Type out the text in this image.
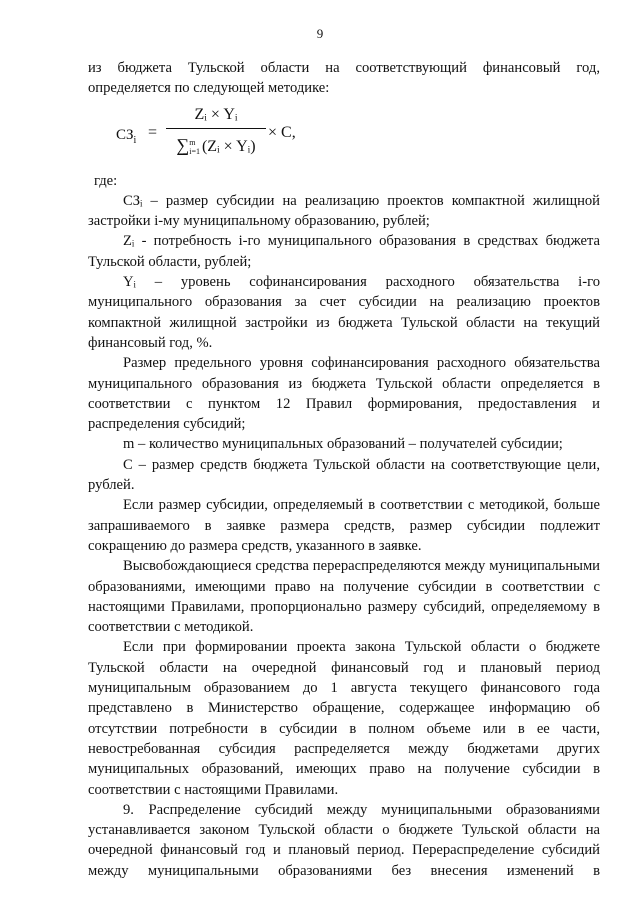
9

из бюджета Тульской области на соответствующий финансовый год,

определяется по следующей методике:

$СЗ_i$ =
Zᵢ × Yᵢ
∑m
i=1 (Zᵢ × Yᵢ)
× С,

где:

СЗᵢ – размер субсидии на реализацию проектов компактной жилищной застройки i-му муниципальному образованию, рублей;

Zᵢ - потребность i-го муниципального образования в средствах бюджета Тульской области, рублей;

Yᵢ – уровень софинансирования расходного обязательства i-го муниципального образования за счет субсидии на реализацию проектов компактной жилищной застройки из бюджета Тульской области на текущий финансовый год, %.

Размер предельного уровня софинансирования расходного обязательства муниципального образования из бюджета Тульской области определяется в соответствии с пунктом 12 Правил формирования, предоставления и распределения субсидий;

m – количество муниципальных образований – получателей субсидии;

С – размер средств бюджета Тульской области на соответствующие цели, рублей.

Если размер субсидии, определяемый в соответствии с методикой, больше запрашиваемого в заявке размера средств, размер субсидии подлежит сокращению до размера средств, указанного в заявке.

Высвобождающиеся средства перераспределяются между муниципальными образованиями, имеющими право на получение субсидии в соответствии с настоящими Правилами, пропорционально размеру субсидий, определяемому в соответствии с методикой.

Если при формировании проекта закона Тульской области о бюджете Тульской области на очередной финансовый год и плановый период муниципальным образованием до 1 августа текущего финансового года представлено в Министерство обращение, содержащее информацию об отсутствии потребности в субсидии в полном объеме или в ее части, невостребованная субсидия распределяется между бюджетами других муниципальных образований, имеющих право на получение субсидии в соответствии с настоящими Правилами.

9. Распределение субсидий между муниципальными образованиями устанавливается законом Тульской области о бюджете Тульской области на очередной финансовый год и плановый период. Перераспределение субсидий между муниципальными образованиями без внесения изменений в
